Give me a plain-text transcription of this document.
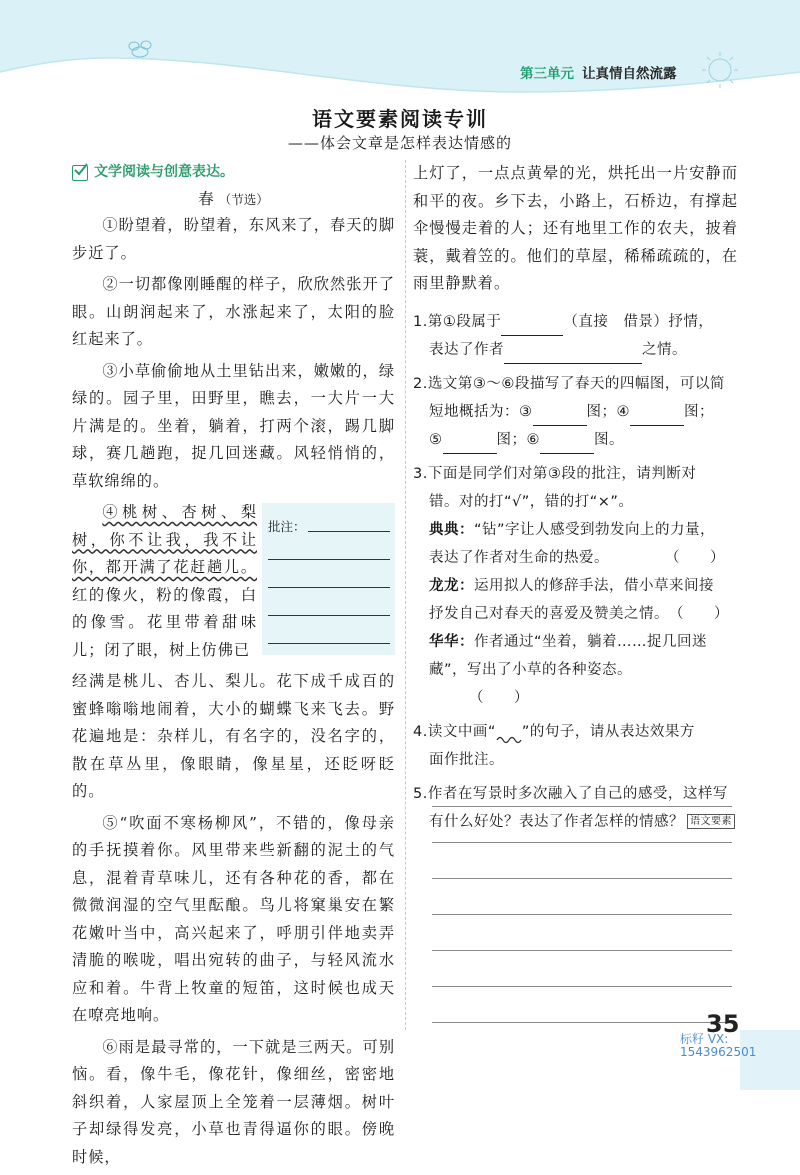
第三单元 让真情自然流露
语文要素阅读专训
——体会文章是怎样表达情感的
文学阅读与创意表达。
春 （节选）

①盼望着，盼望着，东风来了，春天的脚步近了。

②一切都像刚睡醒的样子，欣欣然张开了眼。山朗润起来了，水涨起来了，太阳的脸红起来了。

③小草偷偷地从土里钻出来，嫩嫩的，绿绿的。园子里，田野里，瞧去，一大片一大片满是的。坐着，躺着，打两个滚，踢几脚球，赛几趟跑，捉几回迷藏。风轻悄悄的，草软绵绵的。

批注：

④桃树、杏树、梨树，你不让我，我不让你，都开满了花赶趟儿。红的像火，粉的像霞，白的像雪。花里带着甜味儿；闭了眼，树上仿佛已

经满是桃儿、杏儿、梨儿。花下成千成百的蜜蜂嗡嗡地闹着，大小的蝴蝶飞来飞去。野花遍地是：杂样儿，有名字的，没名字的，散在草丛里，像眼睛，像星星，还眨呀眨的。

⑤“吹面不寒杨柳风”，不错的，像母亲的手抚摸着你。风里带来些新翻的泥土的气息，混着青草味儿，还有各种花的香，都在微微润湿的空气里酝酿。鸟儿将窠巢安在繁花嫩叶当中，高兴起来了，呼朋引伴地卖弄清脆的喉咙，唱出宛转的曲子，与轻风流水应和着。牛背上牧童的短笛，这时候也成天在嘹亮地响。

⑥雨是最寻常的，一下就是三两天。可别恼。看，像牛毛，像花针，像细丝，密密地斜织着，人家屋顶上全笼着一层薄烟。树叶子却绿得发亮，小草也青得逼你的眼。傍晚时候，

上灯了，一点点黄晕的光，烘托出一片安静而和平的夜。乡下去，小路上，石桥边，有撑起伞慢慢走着的人；还有地里工作的农夫，披着蓑，戴着笠的。他们的草屋，稀稀疏疏的，在雨里静默着。

1.第①段属于	（直接　借景）抒情，
表达了作者	之情。
2.选文第③～⑥段描写了春天的四幅图，可以简
短地概括为：③	图；④	图；
⑤	图；⑥	图。
3.下面是同学们对第③段的批注，请判断对
错。对的打“√”，错的打“×”。
典典：“钻”字让人感受到勃发向上的力量，
表达了作者对生命的热爱。	（　　）
龙龙：运用拟人的修辞手法，借小草来间接
抒发自己对春天的喜爱及赞美之情。（　　）
华华：作者通过“坐着，躺着……捉几回迷
藏”，写出了小草的各种姿态。（　　）
4.读文中画“ ”的句子，请从表达效果方
面作批注。
5.作者在写景时多次融入了自己的感受，这样写
有什么好处？表达了作者怎样的情感？ 语文要素
35
标籽 VX:
1543962501
